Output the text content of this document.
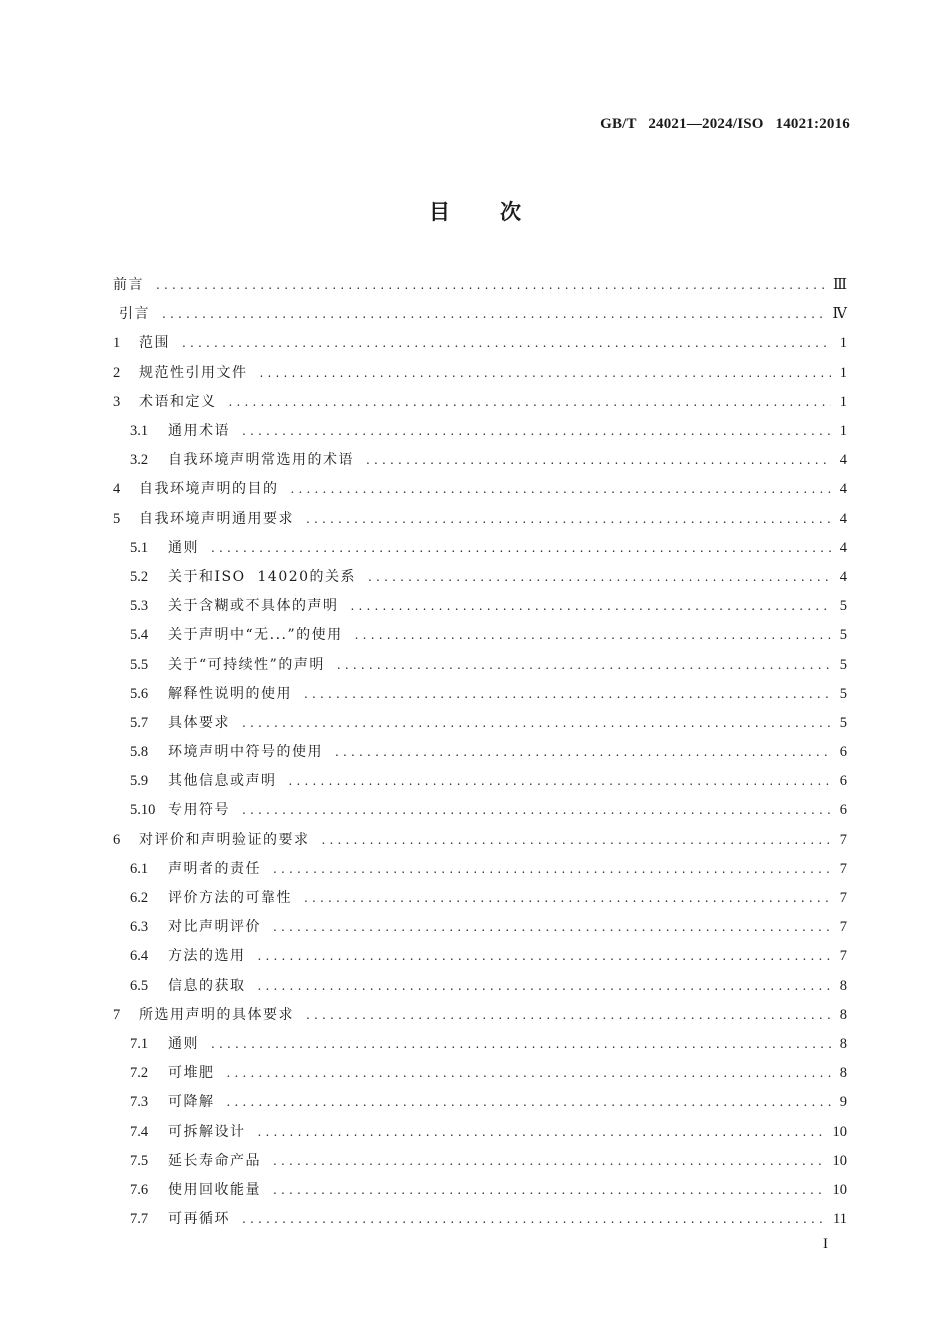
GB/T   24021—2024/ISO   14021:2016
目 次
前言 .....	Ⅲ
引言 .....	Ⅳ
1	范围 .....	1
2	规范性引用文件 .....	1
3	术语和定义 .....	1
3.1	通用术语 .....	1
3.2	自我环境声明常选用的术语 .....	4
4	自我环境声明的目的 .....	4
5	自我环境声明通用要求 .....	4
5.1	通则 .....	4
5.2	关于和ISO  14020的关系 .....	4
5.3	关于含糊或不具体的声明 .....	5
5.4	关于声明中“无...”的使用 .....	5
5.5	关于“可持续性”的声明 .....	5
5.6	解释性说明的使用 .....	5
5.7	具体要求 .....	5
5.8	环境声明中符号的使用 .....	6
5.9	其他信息或声明 .....	6
5.10 专用符号 .....	6
6	对评价和声明验证的要求 .....	7
6.1	声明者的责任 .....	7
6.2	评价方法的可靠性 .....	7
6.3	对比声明评价 .....	7
6.4	方法的选用 .....	7
6.5	信息的获取 .....	8
7	所选用声明的具体要求 .....	8
7.1	通则 .....	8
7.2	可堆肥 .....	8
7.3	可降解 .....	9
7.4	可拆解设计 .....	10
7.5	延长寿命产品 .....	10
7.6	使用回收能量 .....	10
7.7	可再循环 .....	11
I
